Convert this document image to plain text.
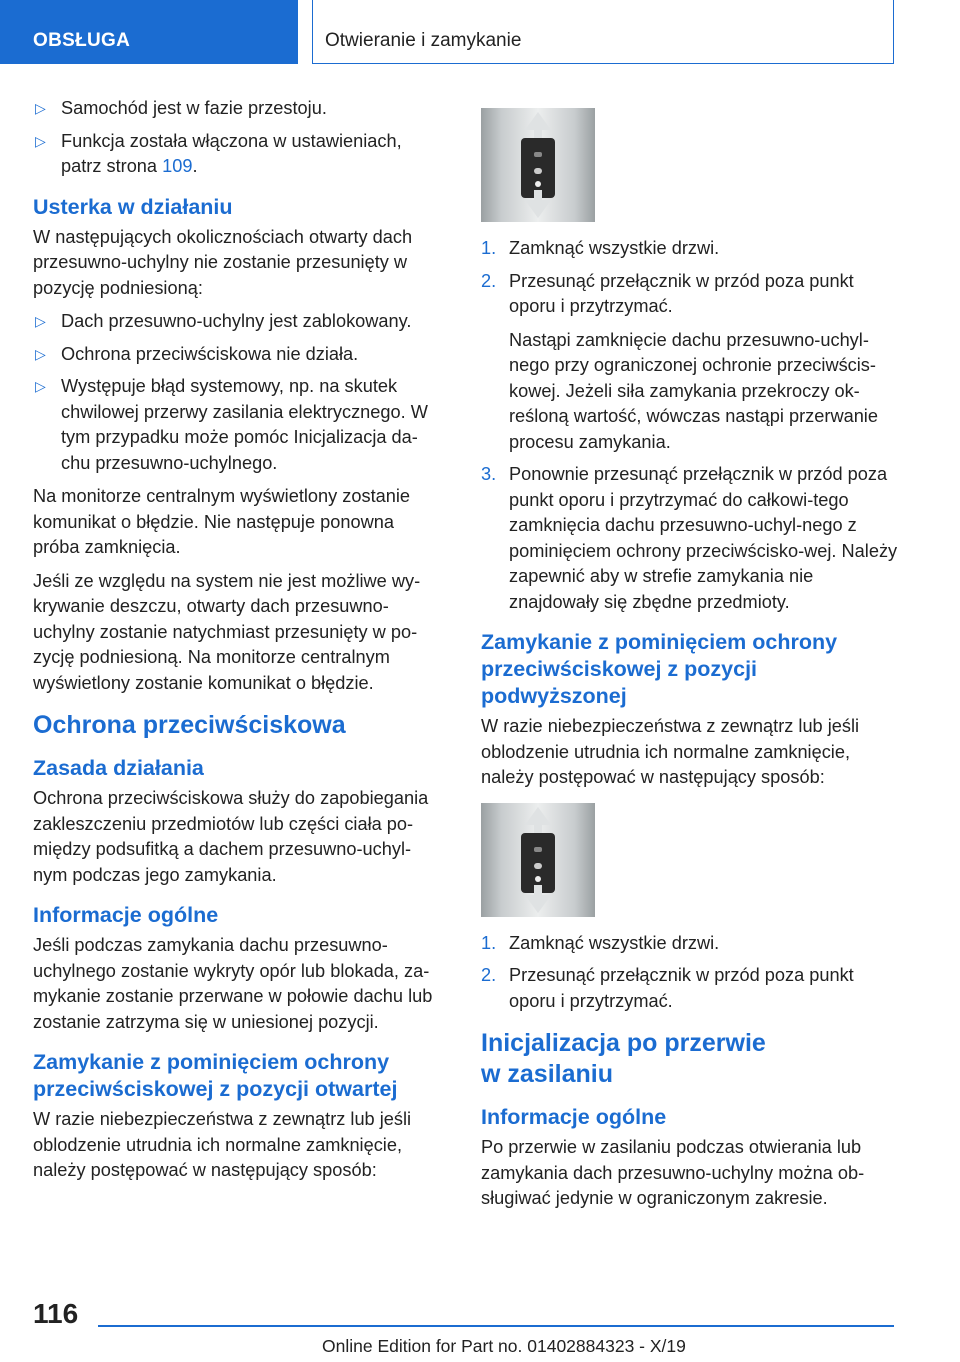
OBSŁUGA	Otwieranie i zamykanie
▷ Samochód jest w fazie przestoju.
▷ Funkcja została włączona w ustawieniach, patrz strona 109.
Usterka w działaniu

W następujących okolicznościach otwarty dach przesuwno-uchylny nie zostanie przesunięty w pozycję podniesioną:

▷ Dach przesuwno-uchylny jest zablokowany.
▷ Ochrona przeciwściskowa nie działa.
▷ Występuje błąd systemowy, np. na skutek chwilowej przerwy zasilania elektrycznego. W tym przypadku może pomóc Inicjalizacja da-chu przesuwno-uchylnego.

Na monitorze centralnym wyświetlony zostanie komunikat o błędzie. Nie następuje ponowna próba zamknięcia.

Jeśli ze względu na system nie jest możliwe wy-krywanie deszczu, otwarty dach przesuwno-uchylny zostanie natychmiast przesunięty w po-zycję podniesioną. Na monitorze centralnym wyświetlony zostanie komunikat o błędzie.

Ochrona przeciwściskowa
Zasada działania

Ochrona przeciwściskowa służy do zapobiegania zakleszczeniu przedmiotów lub części ciała po-między podsufitką a dachem przesuwno-uchyl-nym podczas jego zamykania.

Informacje ogólne

Jeśli podczas zamykania dachu przesuwno-uchylnego zostanie wykryty opór lub blokada, za-mykanie zostanie przerwane w połowie dachu lub zostanie zatrzyma się w uniesionej pozycji.

Zamykanie z pominięciem ochrony przeciwściskowej z pozycji otwartej

W razie niebezpieczeństwa z zewnątrz lub jeśli oblodzenie utrudnia ich normalne zamknięcie, należy postępować w następujący sposób:

1. Zamknąć wszystkie drzwi.
2. Przesunąć przełącznik w przód poza punkt oporu i przytrzymać.

Nastąpi zamknięcie dachu przesuwno-uchyl-nego przy ograniczonej ochronie przeciwścis-kowej. Jeżeli siła zamykania przekroczy ok-reśloną wartość, wówczas nastąpi przerwanie procesu zamykania.

3. Ponownie przesunąć przełącznik w przód poza punkt oporu i przytrzymać do całkowi-tego zamknięcia dachu przesuwno-uchyl-nego z pominięciem ochrony przeciwścisko-wej. Należy zapewnić aby w strefie zamykania nie znajdowały się zbędne przedmioty.
Zamykanie z pominięciem ochrony przeciwściskowej z pozycji podwyższonej

W razie niebezpieczeństwa z zewnątrz lub jeśli oblodzenie utrudnia ich normalne zamknięcie, należy postępować w następujący sposób:

1. Zamknąć wszystkie drzwi.
2. Przesunąć przełącznik w przód poza punkt oporu i przytrzymać.
Inicjalizacja po przerwie
w zasilaniu
Informacje ogólne

Po przerwie w zasilaniu podczas otwierania lub zamykania dach przesuwno-uchylny można ob-sługiwać jedynie w ograniczonym zakresie.

116
Online Edition for Part no. 01402884323 - X/19
